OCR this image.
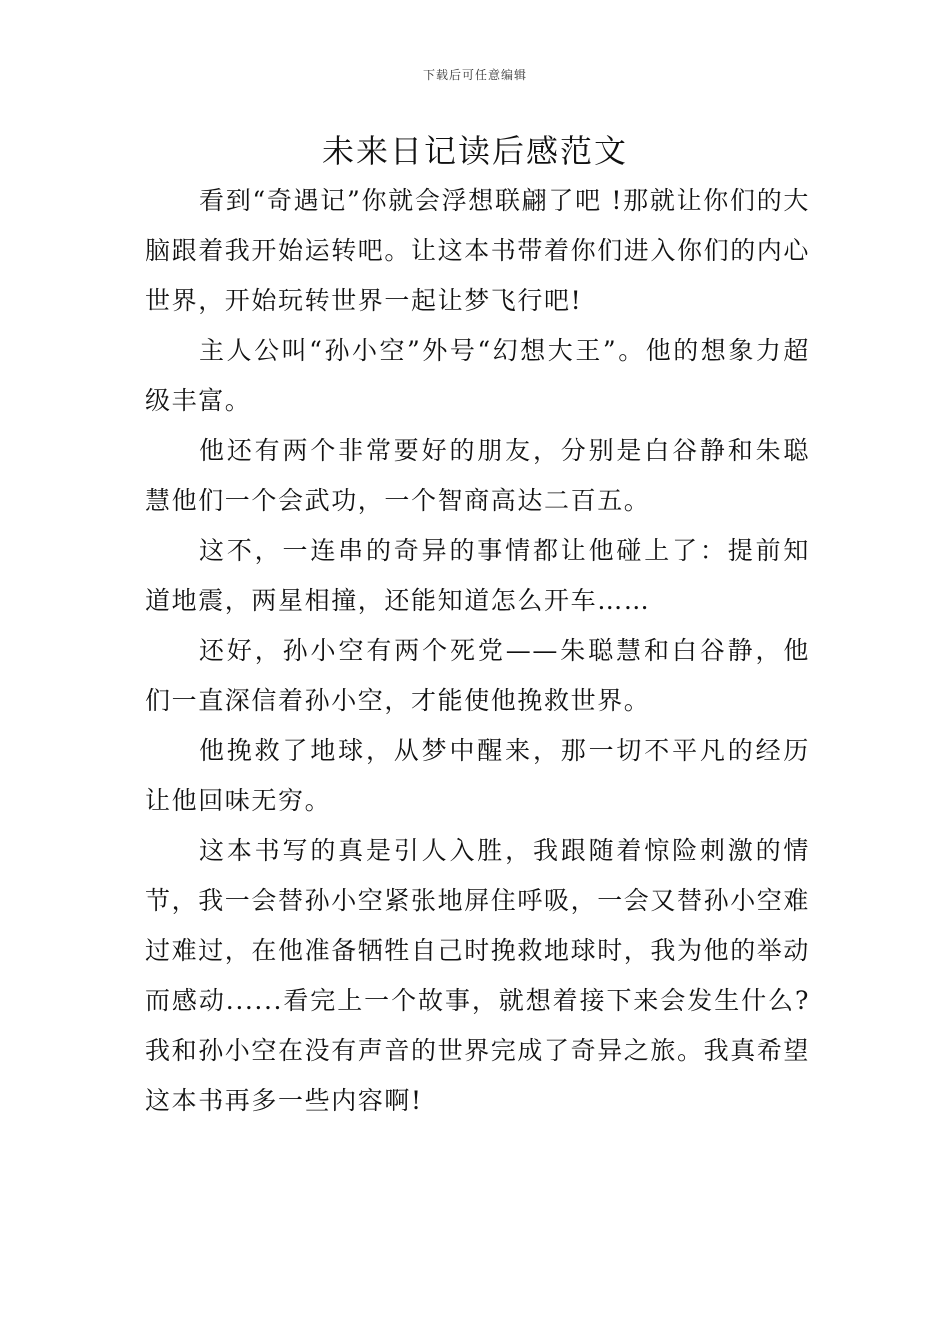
下载后可任意编辑
未来日记读后感范文

看到“奇遇记”你就会浮想联翩了吧 !那就让你们的大脑跟着我开始运转吧。让这本书带着你们进入你们的内心世界，开始玩转世界一起让梦飞行吧!

主人公叫“孙小空”外号“幻想大王”。他的想象力超级丰富。

他还有两个非常要好的朋友，分别是白谷静和朱聪慧他们一个会武功，一个智商高达二百五。

这不，一连串的奇异的事情都让他碰上了：提前知道地震，两星相撞，还能知道怎么开车……

还好，孙小空有两个死党——朱聪慧和白谷静，他们一直深信着孙小空，才能使他挽救世界。

他挽救了地球，从梦中醒来，那一切不平凡的经历让他回味无穷。

这本书写的真是引人入胜，我跟随着惊险刺激的情节，我一会替孙小空紧张地屏住呼吸，一会又替孙小空难过难过，在他准备牺牲自己时挽救地球时，我为他的举动而感动......看完上一个故事，就想着接下来会发生什么?我和孙小空在没有声音的世界完成了奇异之旅。我真希望这本书再多一些内容啊!
